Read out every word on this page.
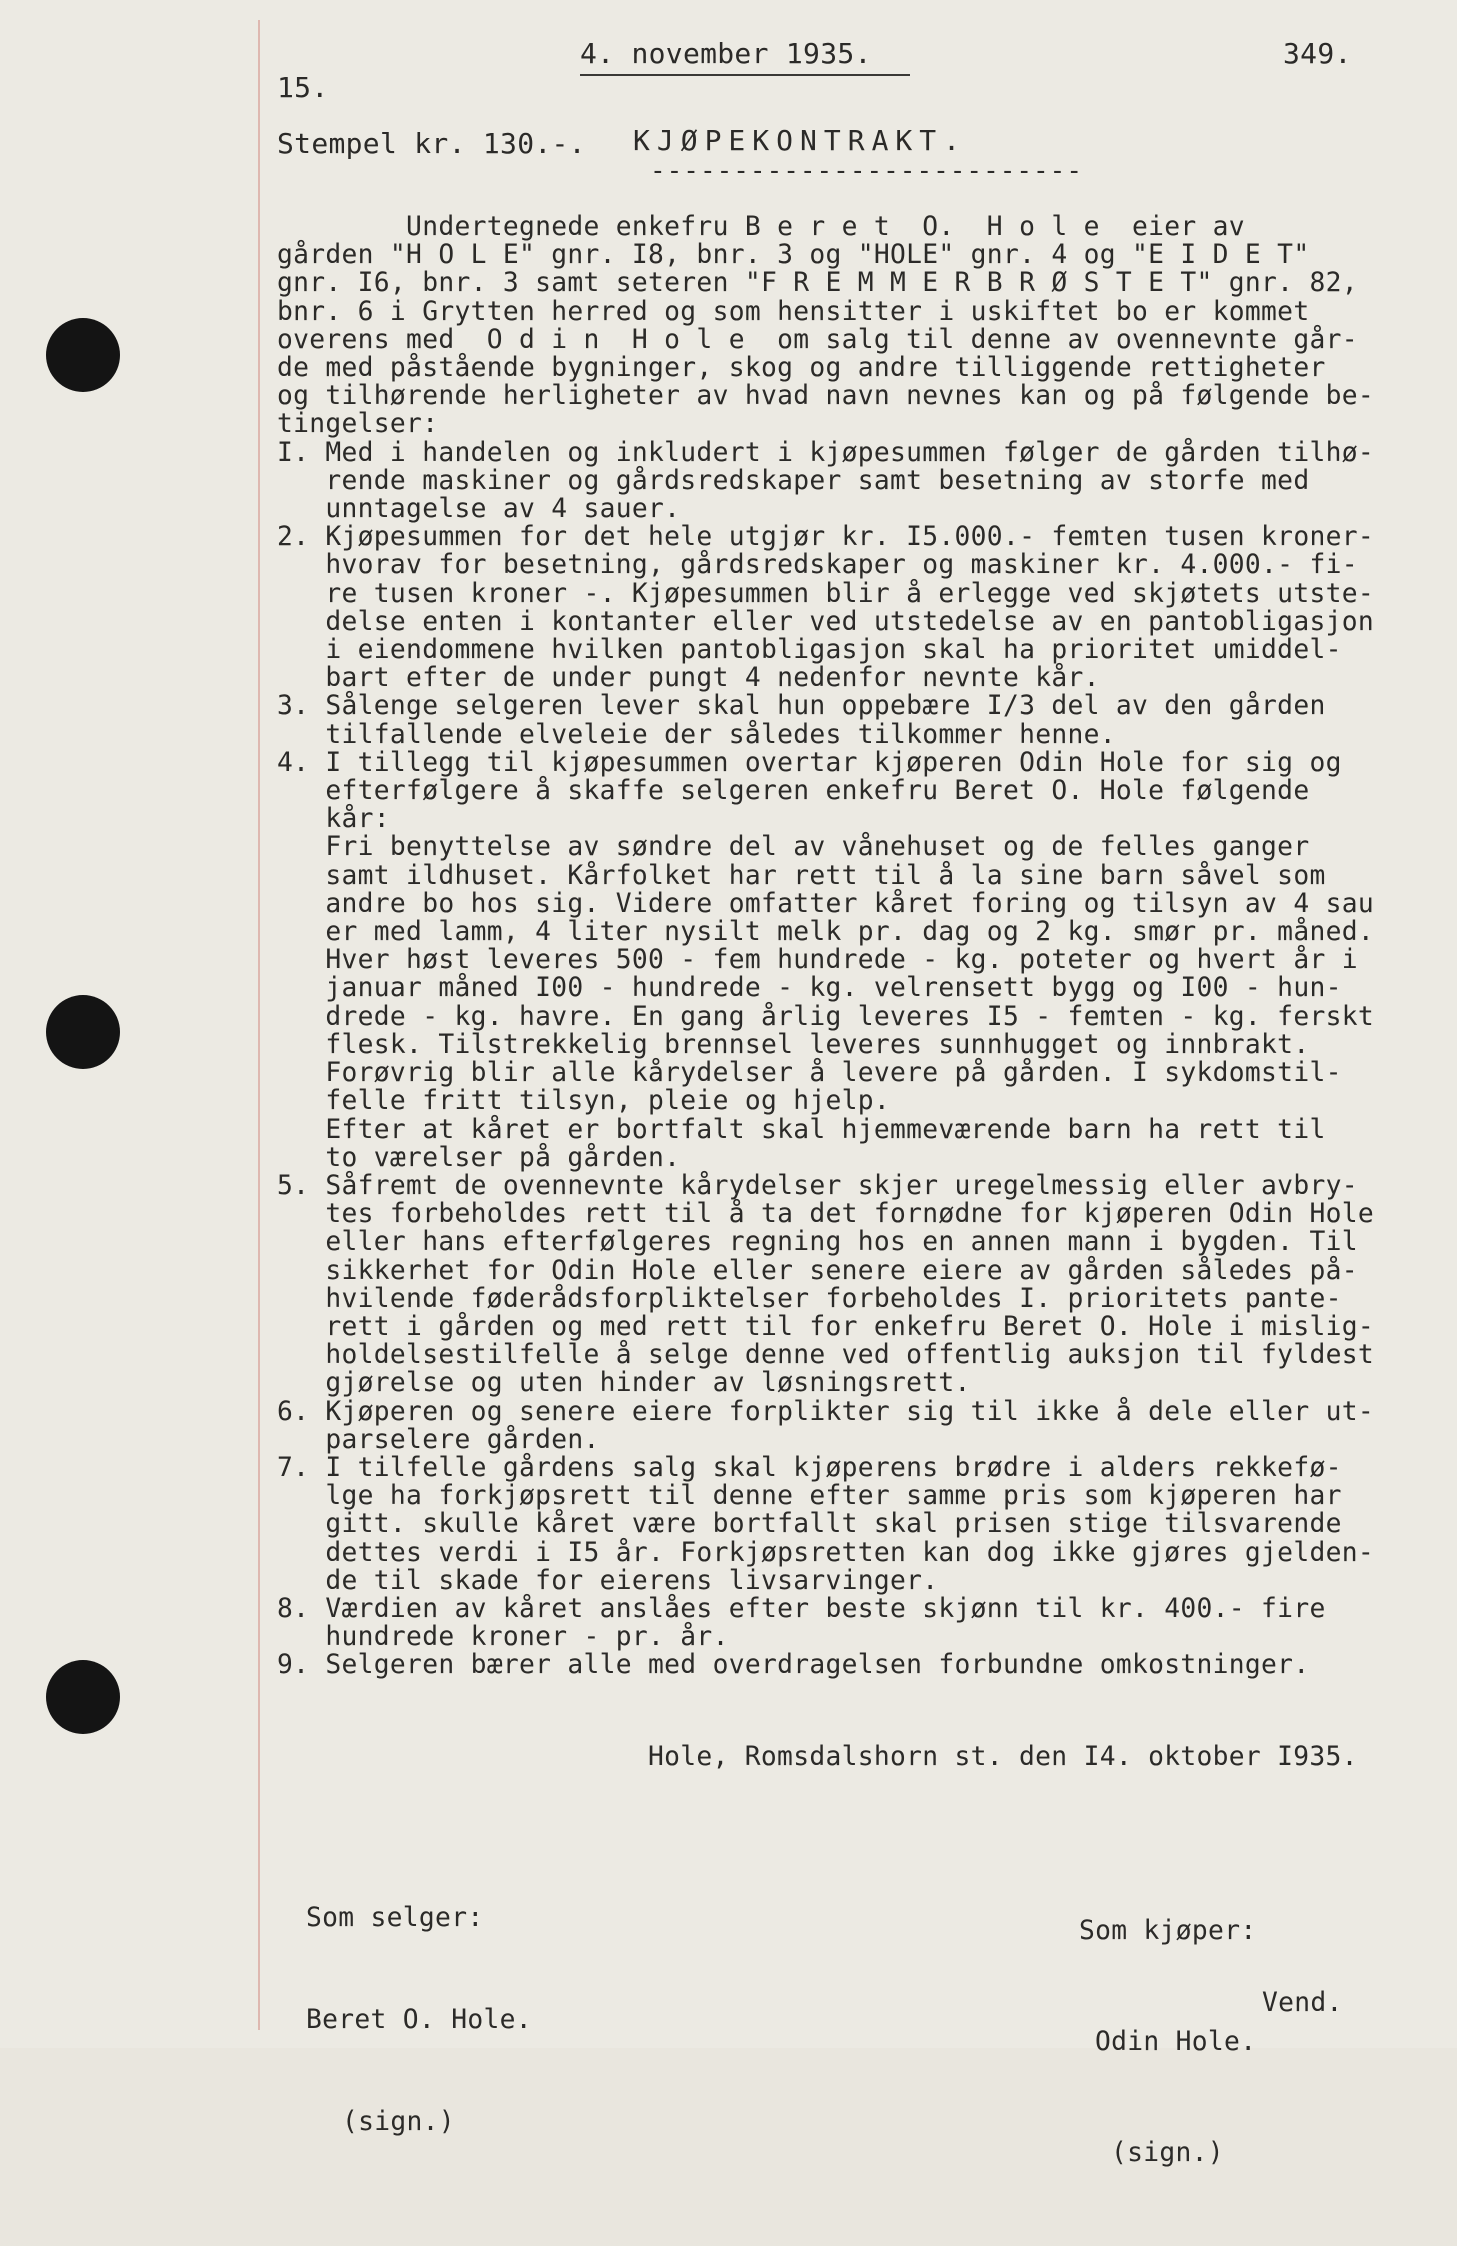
4. november 1935.	349.
15.
Stempel kr. 130.-. KJØPEKONTRAKT.
--------------------------
Undertegnede enkefru B e r e t  O.  H o l e  eier av
gården "H O L E" gnr. I8, bnr. 3 og "HOLE" gnr. 4 og "E I D E T"
gnr. I6, bnr. 3 samt seteren "F R E M M E R B R Ø S T E T" gnr. 82,
bnr. 6 i Grytten herred og som hensitter i uskiftet bo er kommet
overens med  O d i n  H o l e  om salg til denne av ovennevnte går-
de med påstående bygninger, skog og andre tilliggende rettigheter
og tilhørende herligheter av hvad navn nevnes kan og på følgende be-
tingelser:
I. Med i handelen og inkludert i kjøpesummen følger de gården tilhø-
rende maskiner og gårdsredskaper samt besetning av storfe med
unntagelse av 4 sauer.
2. Kjøpesummen for det hele utgjør kr. I5.000.- femten tusen kroner-
hvorav for besetning, gårdsredskaper og maskiner kr. 4.000.- fi-
re tusen kroner -. Kjøpesummen blir å erlegge ved skjøtets utste-
delse enten i kontanter eller ved utstedelse av en pantobligasjon
i eiendommene hvilken pantobligasjon skal ha prioritet umiddel-
bart efter de under pungt 4 nedenfor nevnte kår.
3. Sålenge selgeren lever skal hun oppebære I/3 del av den gården
tilfallende elveleie der således tilkommer henne.
4. I tillegg til kjøpesummen overtar kjøperen Odin Hole for sig og
efterfølgere å skaffe selgeren enkefru Beret O. Hole følgende
kår:
Fri benyttelse av søndre del av vånehuset og de felles ganger
samt ildhuset. Kårfolket har rett til å la sine barn såvel som
andre bo hos sig. Videre omfatter kåret foring og tilsyn av 4 sau
er med lamm, 4 liter nysilt melk pr. dag og 2 kg. smør pr. måned.
Hver høst leveres 500 - fem hundrede - kg. poteter og hvert år i
januar måned I00 - hundrede - kg. velrensett bygg og I00 - hun-
drede - kg. havre. En gang årlig leveres I5 - femten - kg. ferskt
flesk. Tilstrekkelig brennsel leveres sunnhugget og innbrakt.
Forøvrig blir alle kårydelser å levere på gården. I sykdomstil-
felle fritt tilsyn, pleie og hjelp.
Efter at kåret er bortfalt skal hjemmeværende barn ha rett til
to værelser på gården.
5. Såfremt de ovennevnte kårydelser skjer uregelmessig eller avbry-
tes forbeholdes rett til å ta det fornødne for kjøperen Odin Hole
eller hans efterfølgeres regning hos en annen mann i bygden. Til
sikkerhet for Odin Hole eller senere eiere av gården således på-
hvilende føderådsforpliktelser forbeholdes I. prioritets pante-
rett i gården og med rett til for enkefru Beret O. Hole i mislig-
holdelsestilfelle å selge denne ved offentlig auksjon til fyldest
gjørelse og uten hinder av løsningsrett.
6. Kjøperen og senere eiere forplikter sig til ikke å dele eller ut-
parselere gården.
7. I tilfelle gårdens salg skal kjøperens brødre i alders rekkefø-
lge ha forkjøpsrett til denne efter samme pris som kjøperen har
gitt. skulle kåret være bortfallt skal prisen stige tilsvarende
dettes verdi i I5 år. Forkjøpsretten kan dog ikke gjøres gjelden-
de til skade for eierens livsarvinger.
8. Værdien av kåret anslåes efter beste skjønn til kr. 400.- fire
hundrede kroner - pr. år.
9. Selgeren bærer alle med overdragelsen forbundne omkostninger.
Hole, Romsdalshorn st. den I4. oktober I935.

Som selger:

Beret O. Hole.

(sign.)

Som kjøper:

Odin Hole.

(sign.)

Vend.
